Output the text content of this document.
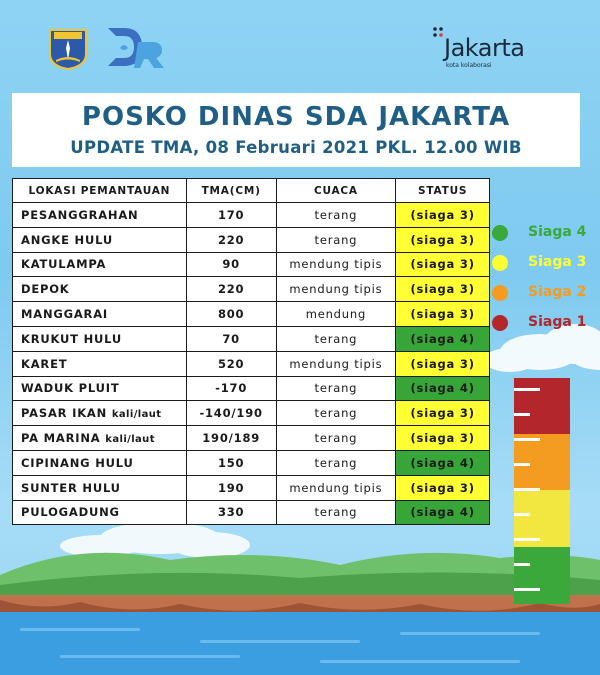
Jakarta
kota kolaborasi
POSKO DINAS SDA JAKARTA
UPDATE TMA, 08 Februari 2021 PKL. 12.00 WIB
LOKASI PEMANTAUAN	TMA(CM)	CUACA	STATUS
PESANGGRAHAN	170	terang	(siaga 3)
ANGKE HULU	220	terang	(siaga 3)
KATULAMPA	90	mendung tipis	(siaga 3)
DEPOK	220	mendung tipis	(siaga 3)
MANGGARAI	800	mendung	(siaga 3)
KRUKUT HULU	70	terang	(siaga 4)
KARET	520	mendung tipis	(siaga 3)
WADUK PLUIT	-170	terang	(siaga 4)
PASAR IKAN kali/laut	-140/190	terang	(siaga 3)
PA MARINA kali/laut	190/189	terang	(siaga 3)
CIPINANG HULU	150	terang	(siaga 4)
SUNTER HULU	190	mendung tipis	(siaga 3)
PULOGADUNG	330	terang	(siaga 4)
Siaga 4
Siaga 3
Siaga 2
Siaga 1
